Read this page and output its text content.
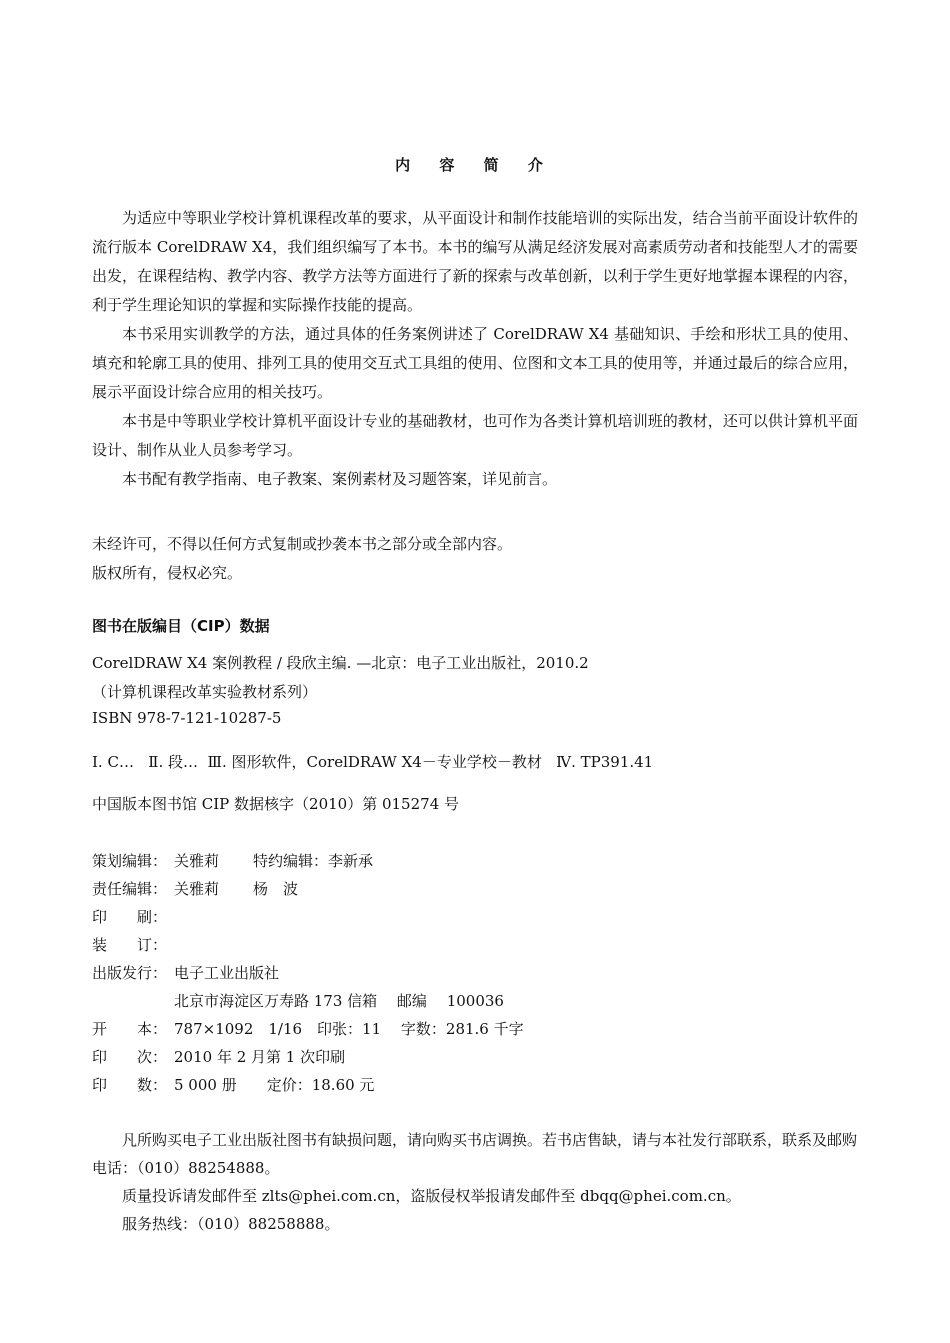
内 容 简 介

为适应中等职业学校计算机课程改革的要求，从平面设计和制作技能培训的实际出发，结合当前平面设计软件的流行版本 CorelDRAW X4，我们组织编写了本书。本书的编写从满足经济发展对高素质劳动者和技能型人才的需要出发，在课程结构、教学内容、教学方法等方面进行了新的探索与改革创新，以利于学生更好地掌握本课程的内容，利于学生理论知识的掌握和实际操作技能的提高。

本书采用实训教学的方法，通过具体的任务案例讲述了 CorelDRAW X4 基础知识、手绘和形状工具的使用、填充和轮廓工具的使用、排列工具的使用交互式工具组的使用、位图和文本工具的使用等，并通过最后的综合应用，展示平面设计综合应用的相关技巧。

本书是中等职业学校计算机平面设计专业的基础教材，也可作为各类计算机培训班的教材，还可以供计算机平面设计、制作从业人员参考学习。

本书配有教学指南、电子教案、案例素材及习题答案，详见前言。

未经许可，不得以任何方式复制或抄袭本书之部分或全部内容。

版权所有，侵权必究。

图书在版编目（CIP）数据
CorelDRAW X4 案例教程 / 段欣主编. —北京：电子工业出版社，2010.2
（计算机课程改革实验教材系列）
ISBN 978-7-121-10287-5
Ⅰ. C…   Ⅱ. 段…  Ⅲ. 图形软件，CorelDRAW X4－专业学校－教材   Ⅳ. TP391.41
中国版本图书馆 CIP 数据核字（2010）第 015274 号
策划编辑： 关雅莉 特约编辑：李新承
责任编辑： 关雅莉 杨　波
印　　刷：
装　　订：
出版发行： 电子工业出版社
北京市海淀区万寿路 173 信箱　 邮编　 100036
开　　本： 787×1092　1/16　印张：11　 字数：281.6 千字
印　　次： 2010 年 2 月第 1 次印刷
印　　数： 5 000 册　　定价：18.60 元

凡所购买电子工业出版社图书有缺损问题，请向购买书店调换。若书店售缺，请与本社发行部联系，联系及邮购电话：（010）88254888。

质量投诉请发邮件至 zlts@phei.com.cn，盗版侵权举报请发邮件至 dbqq@phei.com.cn。

服务热线：（010）88258888。
